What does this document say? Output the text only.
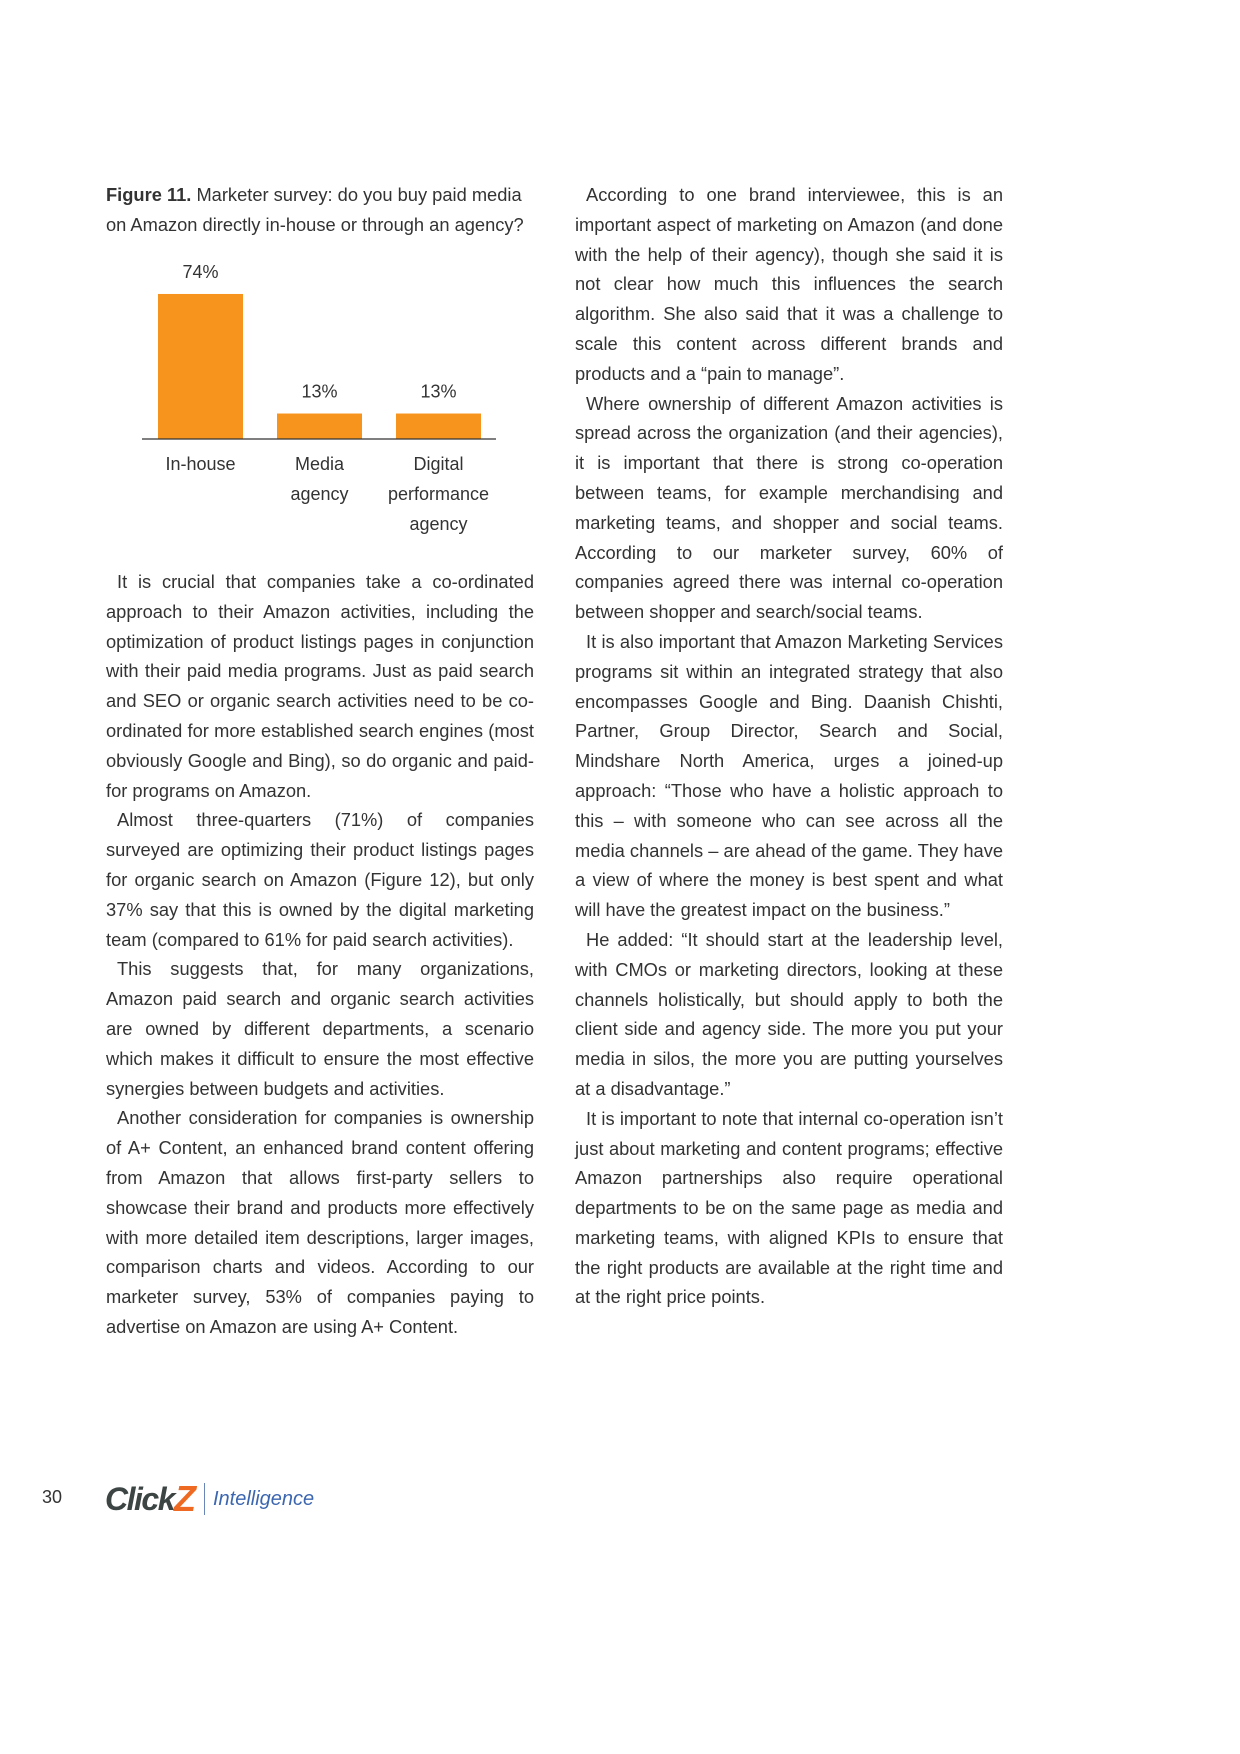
Figure 11. Marketer survey: do you buy paid media on Amazon directly in-house or through an agency?
74%
In-house
13%
Media
agency
13%
Digital
performance
agency

It is crucial that companies take a co-ordinated approach to their Amazon activities, including the optimization of product listings pages in conjunction with their paid media programs. Just as paid search and SEO or organic search activities need to be co-ordinated for more established search engines (most obviously Google and Bing), so do organic and paid-for programs on Amazon.

Almost three-quarters (71%) of companies surveyed are optimizing their product listings pages for organic search on Amazon (Figure 12), but only 37% say that this is owned by the digital marketing team (compared to 61% for paid search activities).

This suggests that, for many organizations, Amazon paid search and organic search activities are owned by different departments, a scenario which makes it difficult to ensure the most effective synergies between budgets and activities.

Another consideration for companies is ownership of A+ Content, an enhanced brand content offering from Amazon that allows first-party sellers to showcase their brand and products more effectively with more detailed item descriptions, larger images, comparison charts and videos. According to our marketer survey, 53% of companies paying to advertise on Amazon are using A+ Content.

According to one brand interviewee, this is an important aspect of marketing on Amazon (and done with the help of their agency), though she said it is not clear how much this influences the search algorithm. She also said that it was a challenge to scale this content across different brands and products and a “pain to manage”.

Where ownership of different Amazon activities is spread across the organization (and their agencies), it is important that there is strong co-operation between teams, for example merchandising and marketing teams, and shopper and social teams. According to our marketer survey, 60% of companies agreed there was internal co-operation between shopper and search/social teams.

It is also important that Amazon Marketing Services programs sit within an integrated strategy that also encompasses Google and Bing. Daanish Chishti, Partner, Group Director, Search and Social, Mindshare North America, urges a joined-up approach: “Those who have a holistic approach to this – with someone who can see across all the media channels – are ahead of the game. They have a view of where the money is best spent and what will have the greatest impact on the business.”

He added: “It should start at the leadership level, with CMOs or marketing directors, looking at these channels holistically, but should apply to both the client side and agency side. The more you put your media in silos, the more you are putting yourselves at a disadvantage.”

It is important to note that internal co-operation isn’t just about marketing and content programs; effective Amazon partnerships also require operational departments to be on the same page as media and marketing teams, with aligned KPIs to ensure that the right products are available at the right time and at the right price points.

30 Click Z Intelligence
